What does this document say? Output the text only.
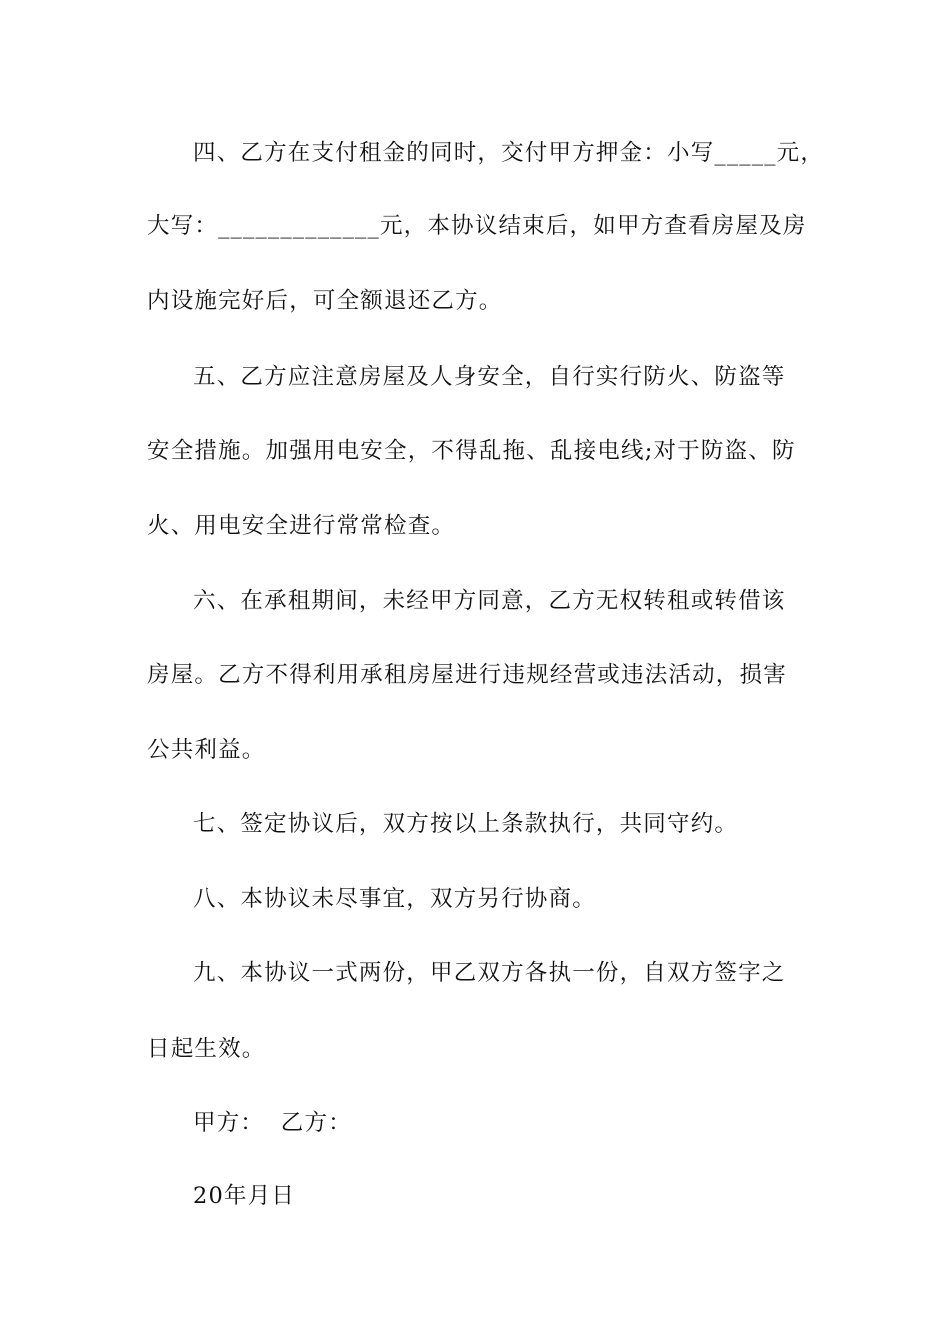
四、乙方在支付租金的同时，交付甲方押金：小写_____元，
大写：_____________元，本协议结束后，如甲方查看房屋及房
内设施完好后，可全额退还乙方。
五、乙方应注意房屋及人身安全，自行实行防火、防盗等
安全措施。加强用电安全，不得乱拖、乱接电线;对于防盗、防
火、用电安全进行常常检查。
六、在承租期间，未经甲方同意，乙方无权转租或转借该
房屋。乙方不得利用承租房屋进行违规经营或违法活动，损害
公共利益。
七、签定协议后，双方按以上条款执行，共同守约。
八、本协议未尽事宜，双方另行协商。
九、本协议一式两份，甲乙双方各执一份，自双方签字之
日起生效。
甲方：  乙方：
20年月日
